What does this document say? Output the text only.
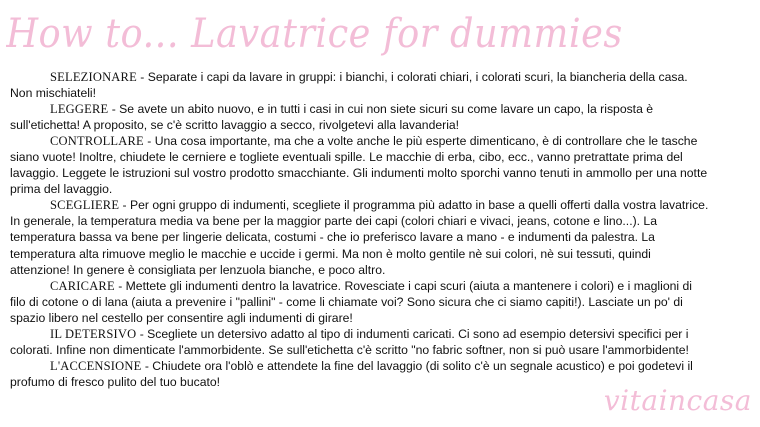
How to... Lavatrice for dummies

SELEZIONARE - Separate i capi da lavare in gruppi: i bianchi, i colorati chiari, i colorati scuri, la biancheria della casa. Non mischiateli!

LEGGERE - Se avete un abito nuovo, e in tutti i casi in cui non siete sicuri su come lavare un capo, la risposta è sull'etichetta! A proposito, se c'è scritto lavaggio a secco, rivolgetevi alla lavanderia!

CONTROLLARE - Una cosa importante, ma che a volte anche le più esperte dimenticano, è di controllare che le tasche siano vuote! Inoltre, chiudete le cerniere e togliete eventuali spille. Le macchie di erba, cibo, ecc., vanno pretrattate prima del lavaggio. Leggete le istruzioni sul vostro prodotto smacchiante. Gli indumenti molto sporchi vanno tenuti in ammollo per una notte prima del lavaggio.

SCEGLIERE - Per ogni gruppo di indumenti, scegliete il programma più adatto in base a quelli offerti dalla vostra lavatrice. In generale, la temperatura media va bene per la maggior parte dei capi (colori chiari e vivaci, jeans, cotone e lino...). La temperatura bassa va bene per lingerie delicata, costumi - che io preferisco lavare a mano - e indumenti da palestra. La temperatura alta rimuove meglio le macchie e uccide i germi. Ma non è molto gentile nè sui colori, nè sui tessuti, quindi attenzione! In genere è consigliata per lenzuola bianche, e poco altro.

CARICARE - Mettete gli indumenti dentro la lavatrice. Rovesciate i capi scuri (aiuta a mantenere i colori) e i maglioni di filo di cotone o di lana (aiuta a prevenire i "pallini" - come li chiamate voi? Sono sicura che ci siamo capiti!). Lasciate un po' di spazio libero nel cestello per consentire agli indumenti di girare!

IL DETERSIVO - Scegliete un detersivo adatto al tipo di indumenti caricati. Ci sono ad esempio detersivi specifici per i colorati. Infine non dimenticate l'ammorbidente. Se sull'etichetta c'è scritto "no fabric softner, non si può usare l'ammorbidente!

L'ACCENSIONE - Chiudete ora l'oblò e attendete la fine del lavaggio (di solito c'è un segnale acustico) e poi godetevi il profumo di fresco pulito del tuo bucato!

vitaincasa
